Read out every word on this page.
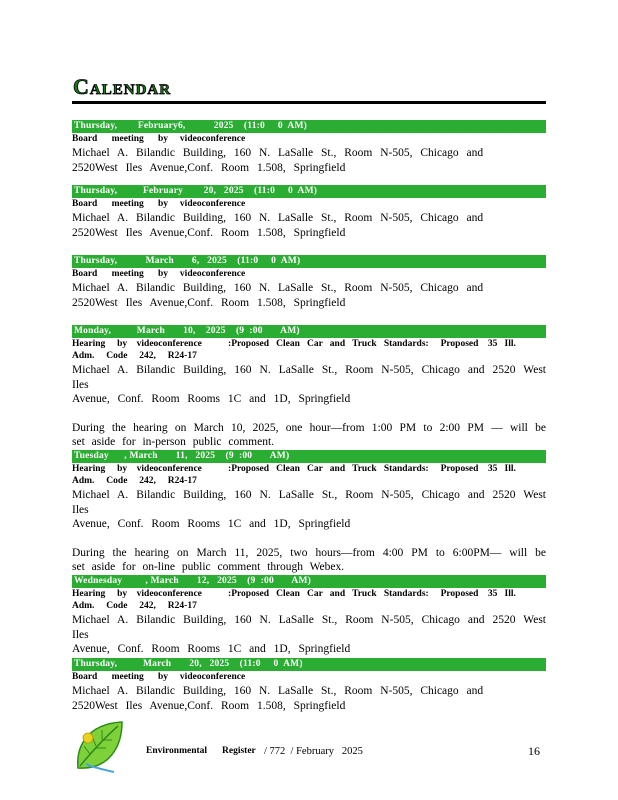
Calendar
Thursday,        February6,           2025    (11:0     0  AM)
Board      meeting      by     videoconference
Michael A. Bilandic Building, 160 N. LaSalle St., Room N-505, Chicago and
2520West Iles Avenue,Conf. Room 1.508, Springfield
Thursday,          February        20,   2025    (11:0     0  AM)
Board      meeting      by     videoconference
Michael A. Bilandic Building, 160 N. LaSalle St., Room N-505, Chicago and
2520West Iles Avenue,Conf. Room 1.508, Springfield
Thursday,           March       6,   2025    (11:0     0  AM)
Board      meeting      by     videoconference
Michael A. Bilandic Building, 160 N. LaSalle St., Room N-505, Chicago and
2520West Iles Avenue,Conf. Room 1.508, Springfield
Monday,          March       10,    2025    (9  :00       AM)
Hearing     by    videoconference           :Proposed   Clean   Car   and   Truck   Standards:     Proposed    35   Ill.
Adm.     Code     242,     R24-17
Michael A. Bilandic Building, 160 N. LaSalle St., Room N-505, Chicago and 2520 West Iles
Avenue, Conf. Room Rooms 1C and 1D, Springfield
During the hearing on March 10, 2025, one hour—from 1:00 PM to 2:00 PM — will be set aside for in-person public comment.
Tuesday      , March       11,   2025    (9  :00       AM)
Hearing     by    videoconference           :Proposed   Clean   Car   and   Truck   Standards:     Proposed    35   Ill.
Adm.     Code     242,     R24-17
Michael A. Bilandic Building, 160 N. LaSalle St., Room N-505, Chicago and 2520 West Iles
Avenue, Conf. Room Rooms 1C and 1D, Springfield
During the hearing on March 11, 2025, two hours—from 4:00 PM to 6:00PM— will be set aside for on-line public comment through Webex.
Wednesday         , March       12,   2025    (9  :00       AM)
Hearing     by    videoconference           :Proposed   Clean   Car   and   Truck   Standards:     Proposed    35   Ill.
Adm.     Code     242,     R24-17
Michael A. Bilandic Building, 160 N. LaSalle St., Room N-505, Chicago and 2520 West Iles
Avenue, Conf. Room Rooms 1C and 1D, Springfield
Thursday,          March       20,   2025    (11:0     0  AM)
Board      meeting      by     videoconference
Michael A. Bilandic Building, 160 N. LaSalle St., Room N-505, Chicago and
2520West Iles Avenue,Conf. Room 1.508, Springfield
Environmental Register / 772  / February   2025	16
